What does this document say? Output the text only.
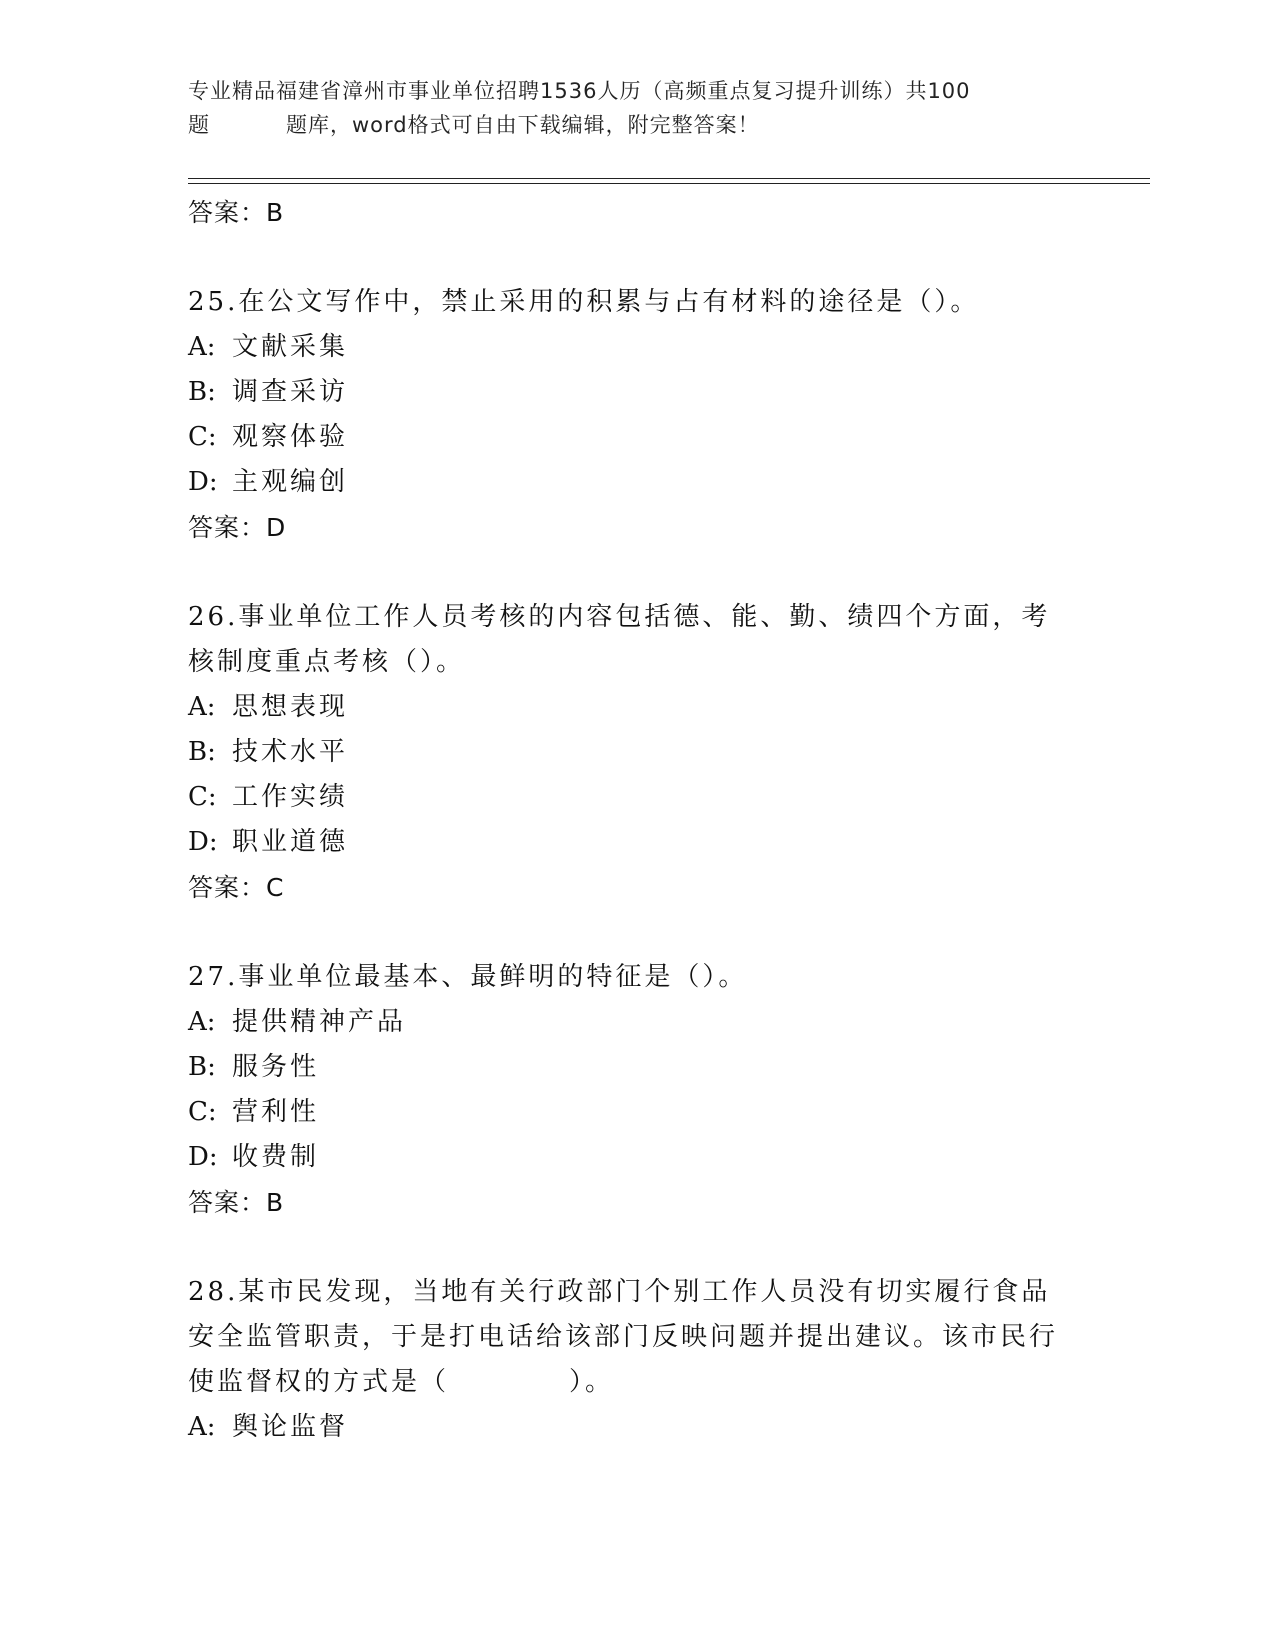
专业精品福建省漳州市事业单位招聘1536人历（高频重点复习提升训练）共100
题	题库，word格式可自由下载编辑，附完整答案！
答案：B
25.在公文写作中，禁止采用的积累与占有材料的途径是（）。
A: 文献采集
B: 调查采访
C: 观察体验
D: 主观编创
答案：D
26.事业单位工作人员考核的内容包括德、能、勤、绩四个方面，考核制度重点考核（）。
A: 思想表现
B: 技术水平
C: 工作实绩
D: 职业道德
答案：C
27.事业单位最基本、最鲜明的特征是（）。
A: 提供精神产品
B: 服务性
C: 营利性
D: 收费制
答案：B
28.某市民发现，当地有关行政部门个别工作人员没有切实履行食品安全监管职责，于是打电话给该部门反映问题并提出建议。该市民行使监督权的方式是（	）。
A: 舆论监督
